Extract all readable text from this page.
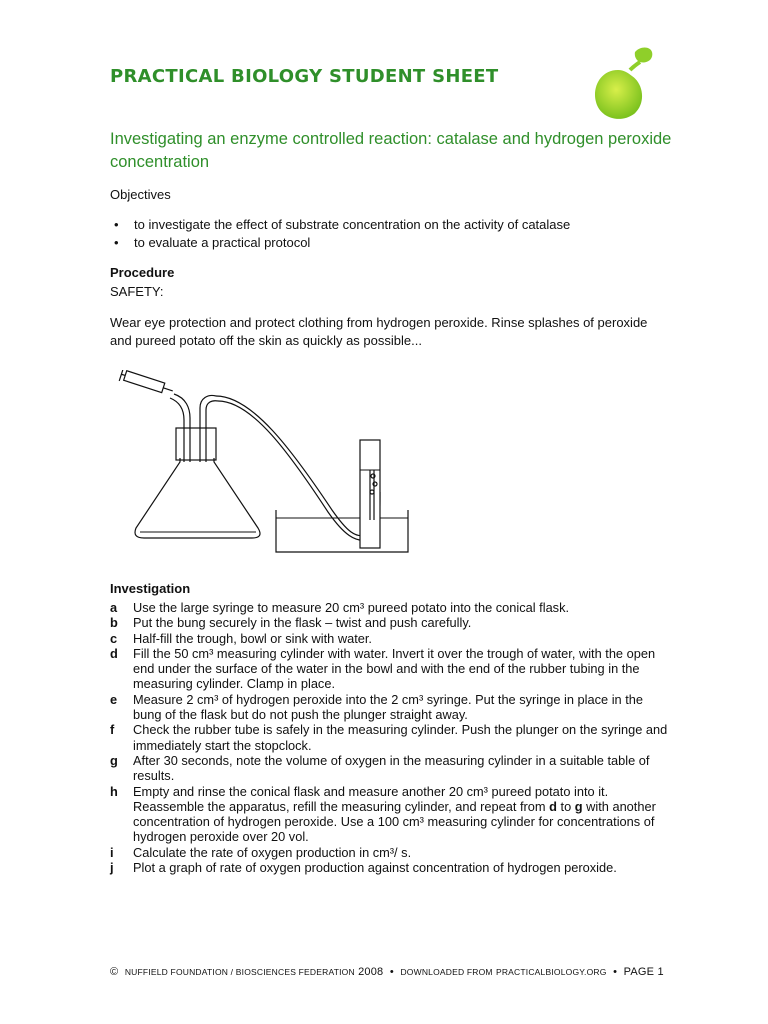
PRACTICAL BIOLOGY STUDENT SHEET
Investigating an enzyme controlled reaction: catalase and hydrogen peroxide concentration
Objectives
• to investigate the effect of substrate concentration on the activity of catalase
• to evaluate a practical protocol
Procedure
SAFETY:
Wear eye protection and protect clothing from hydrogen peroxide. Rinse splashes of peroxide and pureed potato off the skin as quickly as possible...
Investigation
a Use the large syringe to measure 20 cm³ pureed potato into the conical flask.
b Put the bung securely in the flask – twist and push carefully.
c Half-fill the trough, bowl or sink with water.
d Fill the 50 cm³ measuring cylinder with water. Invert it over the trough of water, with the open end under the surface of the water in the bowl and with the end of the rubber tubing in the measuring cylinder. Clamp in place.
e Measure 2 cm³ of hydrogen peroxide into the 2 cm³ syringe. Put the syringe in place in the bung of the flask but do not push the plunger straight away.
f Check the rubber tube is safely in the measuring cylinder. Push the plunger on the syringe and immediately start the stopclock.
g After 30 seconds, note the volume of oxygen in the measuring cylinder in a suitable table of results.
h Empty and rinse the conical flask and measure another 20 cm³ pureed potato into it. Reassemble the apparatus, refill the measuring cylinder, and repeat from d to g with another concentration of hydrogen peroxide. Use a 100 cm³ measuring cylinder for concentrations of hydrogen peroxide over 20 vol.
i Calculate the rate of oxygen production in cm³/ s.
j Plot a graph of rate of oxygen production against concentration of hydrogen peroxide.
© NUFFIELD FOUNDATION / BIOSCIENCES FEDERATION 2008 • DOWNLOADED FROM PRACTICALBIOLOGY.ORG • PAGE 1
